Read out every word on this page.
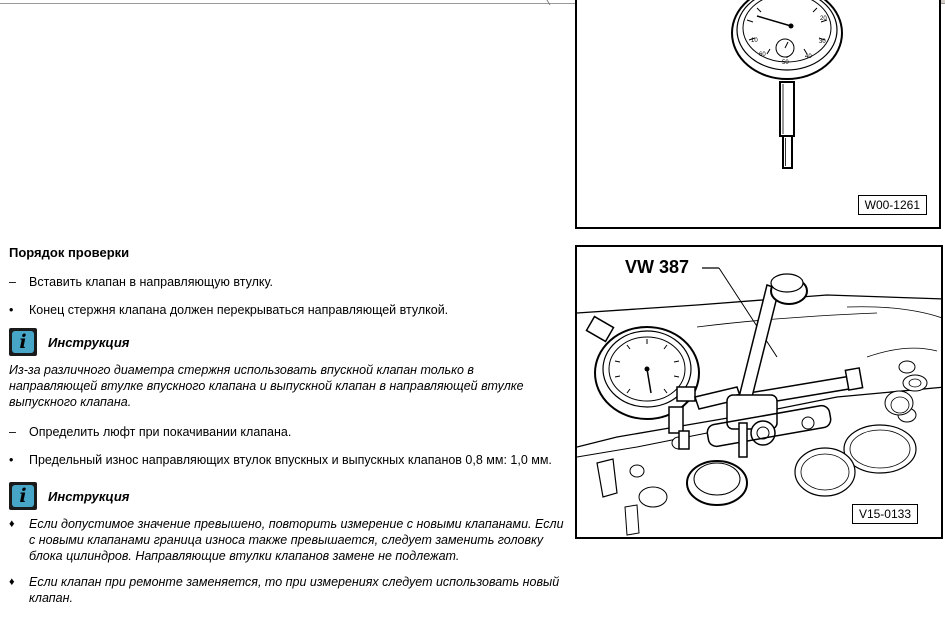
20
30
40
50
60
10
W00-1261
VW 387
V15-0133
Порядок проверки
–	Вставить клапан в направляющую втулку.
•	Конец стержня клапана должен перекрываться направляющей втулкой.
i	Инструкция
Из-за различного диаметра стержня использовать впускной клапан только в направляющей втулке впускного клапана и выпускной клапан в направляющей втулке выпускного клапана.
–	Определить люфт при покачивании клапана.
•	Предельный износ направляющих втулок впускных и выпускных клапанов 0,8 мм: 1,0 мм.
i	Инструкция
♦ Если допустимое значение превышено, повторить измерение с новыми клапанами. Если с новыми клапанами граница износа также превышается, следует заменить головку блока цилиндров. Направляющие втулки клапанов замене не подлежат.
♦ Если клапан при ремонте заменяется, то при измерениях следует использовать новый клапан.
